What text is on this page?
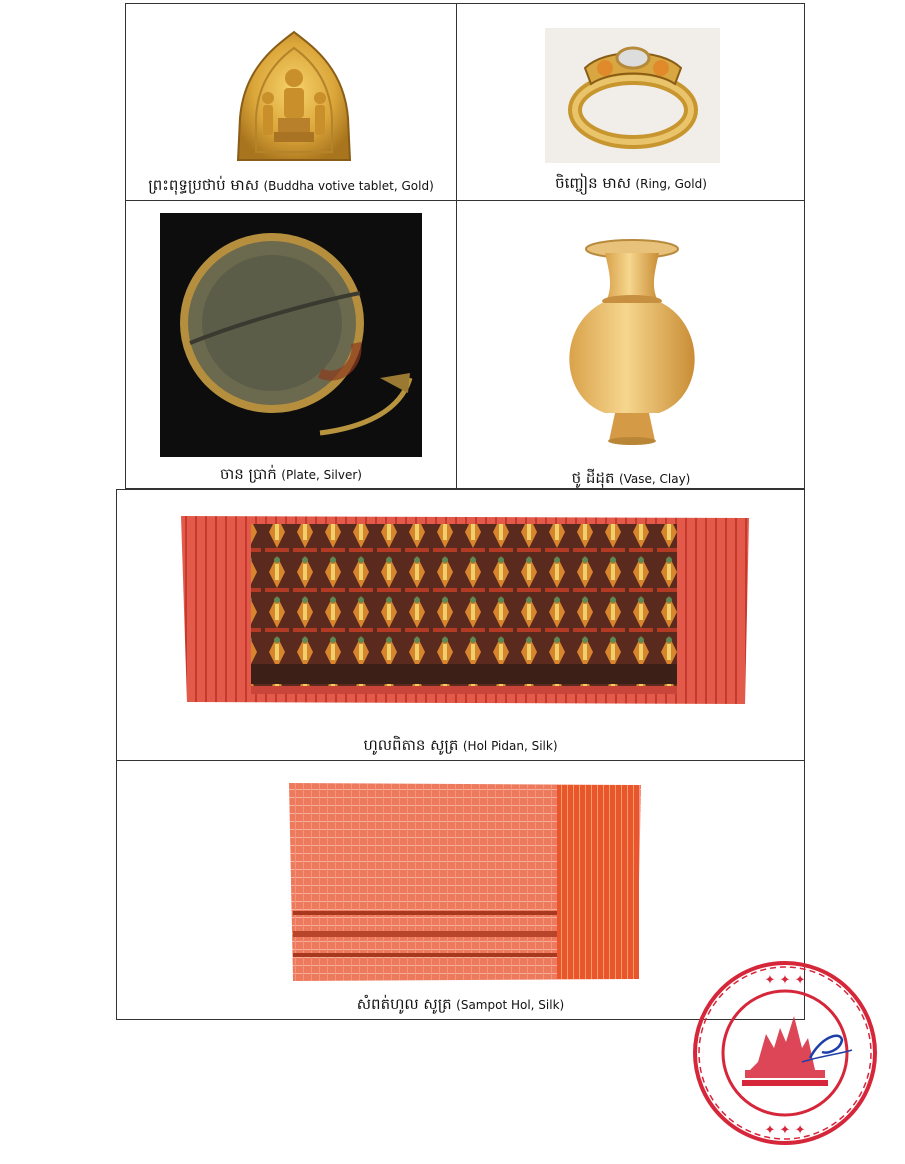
ព្រះពុទ្ធប្រថាប់ មាស (Buddha votive tablet, Gold)	ចិញ្ចៀន មាស (Ring, Gold)
ចាន ប្រាក់ (Plate, Silver)	ថូ ដីដុត (Vase, Clay)
ហូលពិតាន សូត្រ (Hol Pidan, Silk)
សំពត់ហូល សូត្រ (Sampot Hol, Silk)
✦ ✦ ✦
✦ ✦ ✦
